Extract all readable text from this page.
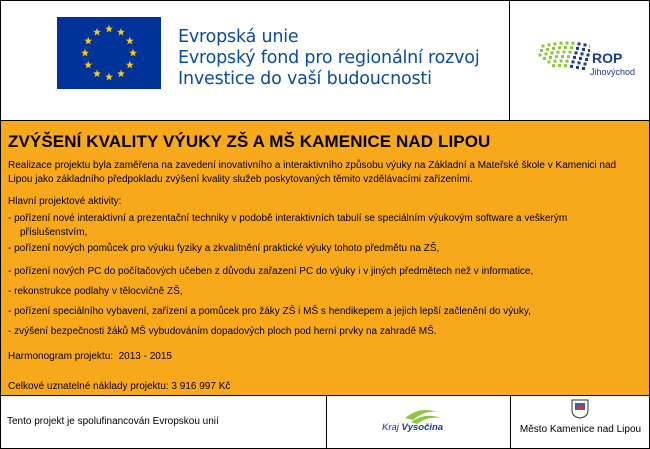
Evropská unie
Evropský fond pro regionální rozvoj
Investice do vaší budoucnosti
ROP
Jihovýchod
ZVÝŠENÍ KVALITY VÝUKY ZŠ A MŠ KAMENICE NAD LIPOU
Realizace projektu byla zaměřena na zavedení inovativního a interaktivního způsobu výuky na Základní a Mateřské škole v Kamenici nad Lipou jako základního předpokladu zvýšení kvality služeb poskytovaných těmito vzdělávacími zařízeními.
Hlavní projektové aktivity:
- pořízení nové interaktivní a prezentační techniky v podobě interaktivních tabulí se speciálním výukovým software a veškerým
příslušenstvím,
- pořízení nových pomůcek pro výuku fyziky a zkvalitnění praktické výuky tohoto předmětu na ZŠ,
- pořízení nových PC do počítačových učeben z důvodu zařazení PC do výuky i v jiných předmětech než v informatice,
- rekonstrukce podlahy v tělocvičně ZŠ,
- pořízení speciálního vybavení, zařízení a pomůcek pro žáky ZŠ i MŠ s hendikepem a jejich lepší začlenění do výuky,
- zvýšení bezpečnosti žáků MŠ vybudováním dopadových ploch pod herní prvky na zahradě MŠ.
Harmonogram projektu:  2013 - 2015
Celkové uznatelné náklady projektu: 3 916 997 Kč
Tento projekt je spolufinancován Evropskou unií
Kraj Vysočina	Město Kamenice nad Lipou
